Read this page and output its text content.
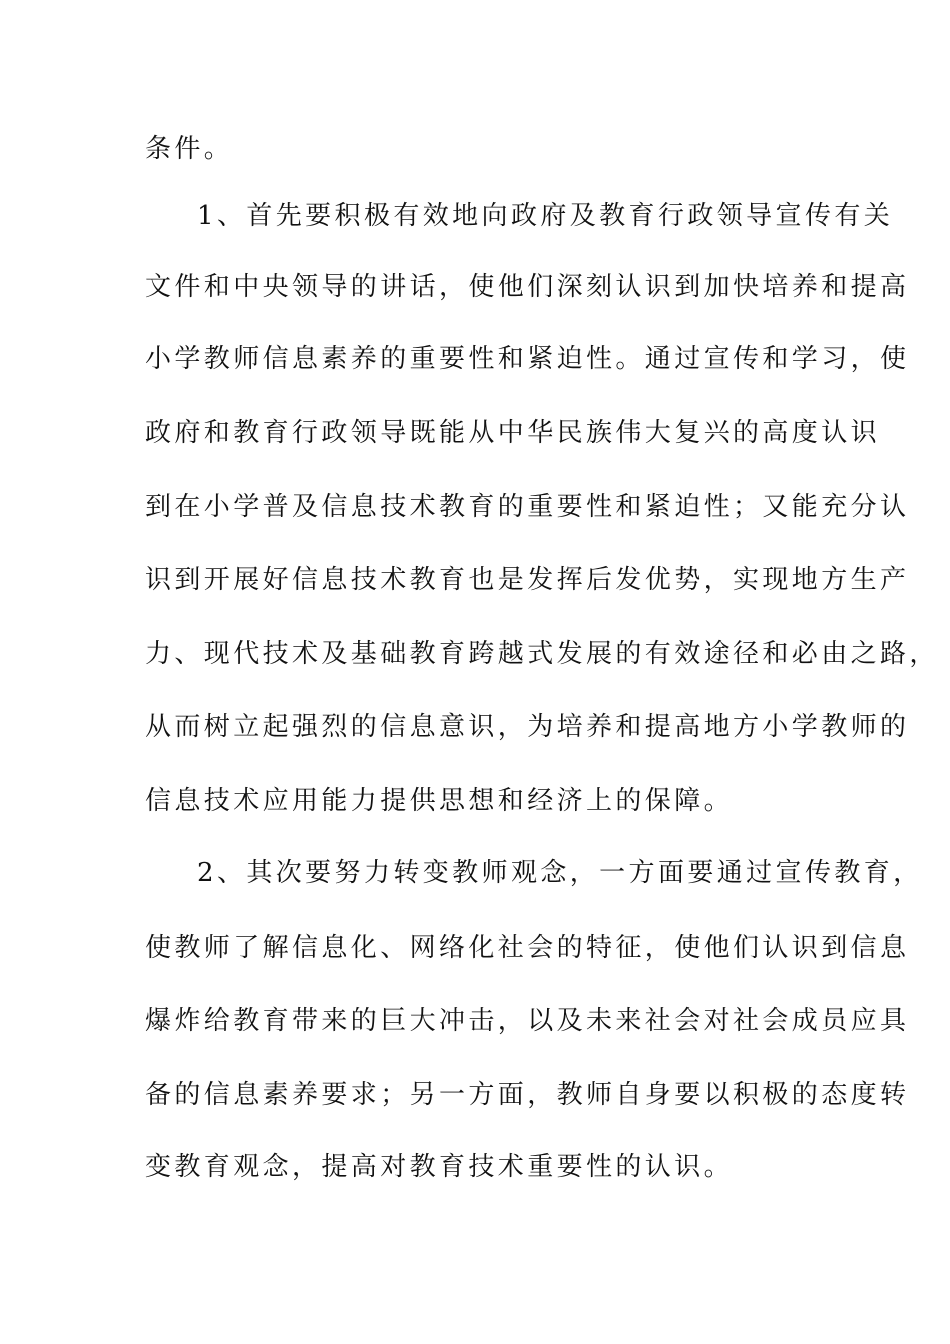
条件。
1、首先要积极有效地向政府及教育行政领导宣传有关
文件和中央领导的讲话，使他们深刻认识到加快培养和提高
小学教师信息素养的重要性和紧迫性。通过宣传和学习，使
政府和教育行政领导既能从中华民族伟大复兴的高度认识
到在小学普及信息技术教育的重要性和紧迫性；又能充分认
识到开展好信息技术教育也是发挥后发优势，实现地方生产
力、现代技术及基础教育跨越式发展的有效途径和必由之路，
从而树立起强烈的信息意识，为培养和提高地方小学教师的
信息技术应用能力提供思想和经济上的保障。
2、其次要努力转变教师观念，一方面要通过宣传教育，
使教师了解信息化、网络化社会的特征，使他们认识到信息
爆炸给教育带来的巨大冲击，以及未来社会对社会成员应具
备的信息素养要求；另一方面，教师自身要以积极的态度转
变教育观念，提高对教育技术重要性的认识。
